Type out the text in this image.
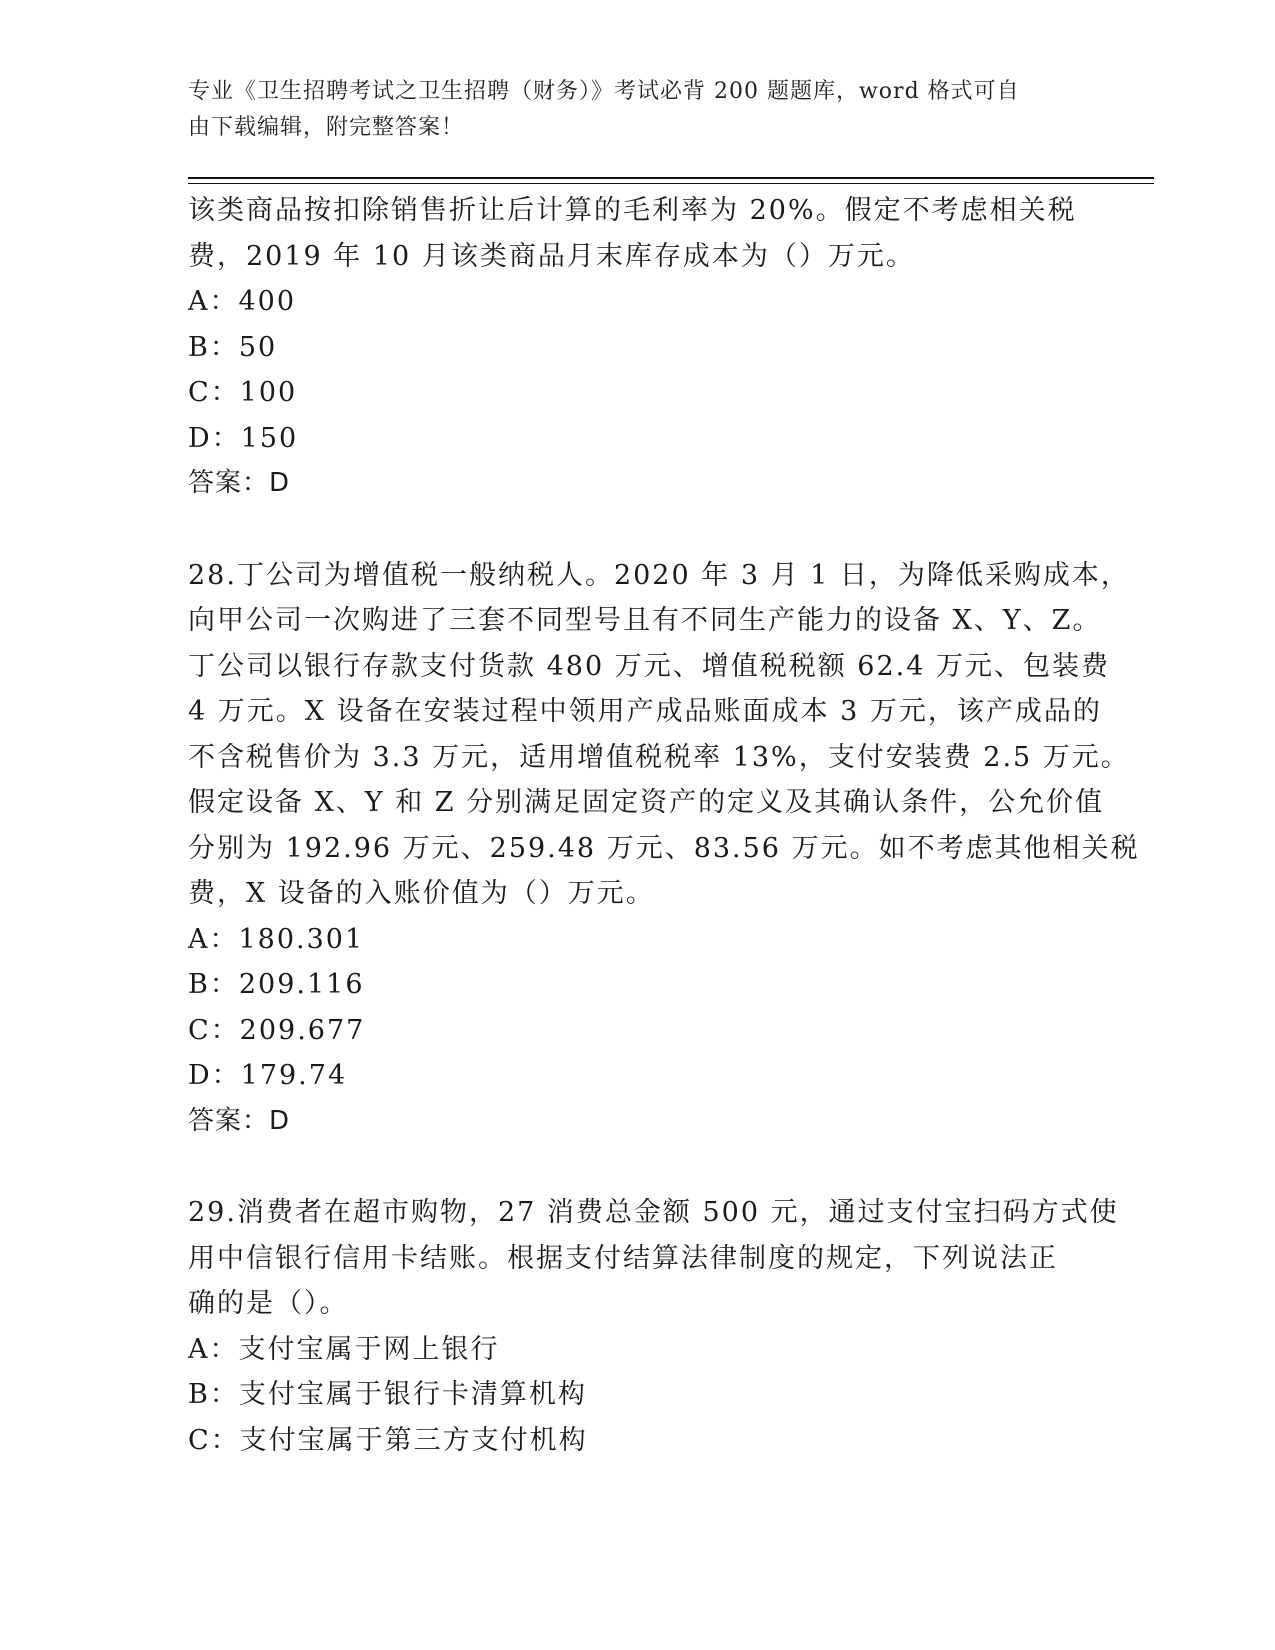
专业《卫生招聘考试之卫生招聘（财务）》考试必背 200 题题库，word 格式可自
由下载编辑，附完整答案！
该类商品按扣除销售折让后计算的毛利率为 20%。假定不考虑相关税
费，2019 年 10 月该类商品月末库存成本为（）万元。
A：400
B：50
C：100
D：150
答案：D
28.丁公司为增值税一般纳税人。2020 年 3 月 1 日，为降低采购成本，
向甲公司一次购进了三套不同型号且有不同生产能力的设备 X、Y、Z。
丁公司以银行存款支付货款 480 万元、增值税税额 62.4 万元、包装费
4 万元。X 设备在安装过程中领用产成品账面成本 3 万元，该产成品的
不含税售价为 3.3 万元，适用增值税税率 13%，支付安装费 2.5 万元。
假定设备 X、Y 和 Z 分别满足固定资产的定义及其确认条件，公允价值
分别为 192.96 万元、259.48 万元、83.56 万元。如不考虑其他相关税
费，X 设备的入账价值为（）万元。
A：180.301
B：209.116
C：209.677
D：179.74
答案：D
29.消费者在超市购物，27 消费总金额 500 元，通过支付宝扫码方式使
用中信银行信用卡结账。根据支付结算法律制度的规定，下列说法正
确的是（）。
A：支付宝属于网上银行
B：支付宝属于银行卡清算机构
C：支付宝属于第三方支付机构
